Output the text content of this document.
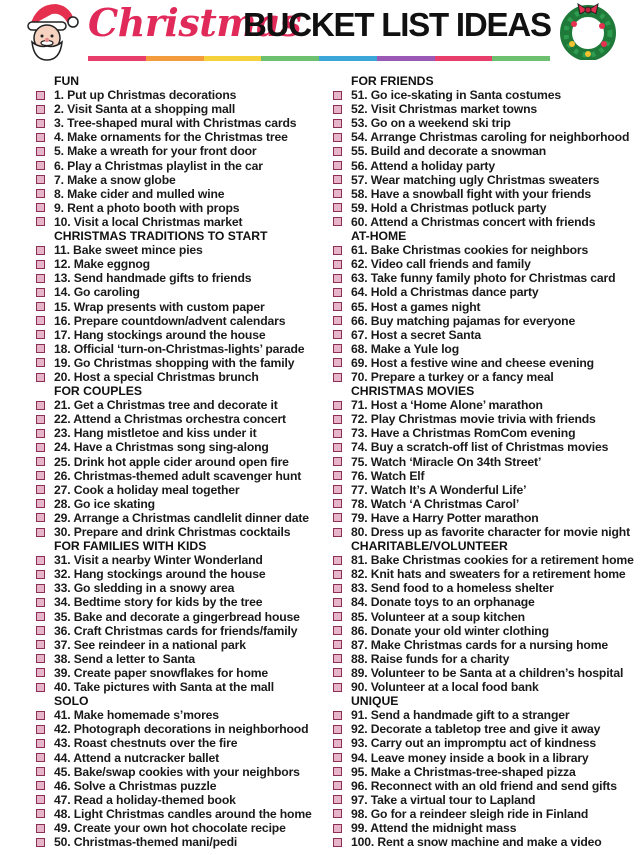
Christmas
BUCKET LIST IDEAS
FUN
1. Put up Christmas decorations
2. Visit Santa at a shopping mall
3. Tree-shaped mural with Christmas cards
4. Make ornaments for the Christmas tree
5. Make a wreath for your front door
6. Play a Christmas playlist in the car
7. Make a snow globe
8. Make cider and mulled wine
9. Rent a photo booth with props
10. Visit a local Christmas market
CHRISTMAS TRADITIONS TO START
11. Bake sweet mince pies
12. Make eggnog
13. Send handmade gifts to friends
14. Go caroling
15. Wrap presents with custom paper
16. Prepare countdown/advent calendars
17. Hang stockings around the house
18. Official ‘turn-on-Christmas-lights’ parade
19. Go Christmas shopping with the family
20. Host a special Christmas brunch
FOR COUPLES
21. Get a Christmas tree and decorate it
22. Attend a Christmas orchestra concert
23. Hang mistletoe and kiss under it
24. Have a Christmas song sing-along
25. Drink hot apple cider around open fire
26. Christmas-themed adult scavenger hunt
27. Cook a holiday meal together
28. Go ice skating
29. Arrange a Christmas candlelit dinner date
30. Prepare and drink Christmas cocktails
FOR FAMILIES WITH KIDS
31. Visit a nearby Winter Wonderland
32. Hang stockings around the house
33. Go sledding in a snowy area
34. Bedtime story for kids by the tree
35. Bake and decorate a gingerbread house
36. Craft Christmas cards for friends/family
37. See reindeer in a national park
38. Send a letter to Santa
39. Create paper snowflakes for home
40. Take pictures with Santa at the mall
SOLO
41. Make homemade s’mores
42. Photograph decorations in neighborhood
43. Roast chestnuts over the fire
44. Attend a nutcracker ballet
45. Bake/swap cookies with your neighbors
46. Solve a Christmas puzzle
47. Read a holiday-themed book
48. Light Christmas candles around the home
49. Create your own hot chocolate recipe
50. Christmas-themed mani/pedi
FOR FRIENDS
51. Go ice-skating in Santa costumes
52. Visit Christmas market towns
53. Go on a weekend ski trip
54. Arrange Christmas caroling for neighborhood
55. Build and decorate a snowman
56. Attend a holiday party
57. Wear matching ugly Christmas sweaters
58. Have a snowball fight with your friends
59. Hold a Christmas potluck party
60. Attend a Christmas concert with friends
AT-HOME
61. Bake Christmas cookies for neighbors
62. Video call friends and family
63. Take funny family photo for Christmas card
64. Hold a Christmas dance party
65. Host a games night
66. Buy matching pajamas for everyone
67. Host a secret Santa
68. Make a Yule log
69. Host a festive wine and cheese evening
70. Prepare a turkey or a fancy meal
CHRISTMAS MOVIES
71. Host a ‘Home Alone’ marathon
72. Play Christmas movie trivia with friends
73. Have a Christmas RomCom evening
74. Buy a scratch-off list of Christmas movies
75. Watch ‘Miracle On 34th Street’
76. Watch Elf
77. Watch It’s A Wonderful Life’
78. Watch ‘A Christmas Carol’
79. Have a Harry Potter marathon
80. Dress up as favorite character for movie night
CHARITABLE/VOLUNTEER
81. Bake Christmas cookies for a retirement home
82. Knit hats and sweaters for a retirement home
83. Send food to a homeless shelter
84. Donate toys to an orphanage
85. Volunteer at a soup kitchen
86. Donate your old winter clothing
87. Make Christmas cards for a nursing home
88. Raise funds for a charity
89. Volunteer to be Santa at a children’s hospital
90. Volunteer at a local food bank
UNIQUE
91. Send a handmade gift to a stranger
92. Decorate a tabletop tree and give it away
93. Carry out an impromptu act of kindness
94. Leave money inside a book in a library
95. Make a Christmas-tree-shaped pizza
96. Reconnect with an old friend and send gifts
97. Take a virtual tour to Lapland
98. Go for a reindeer sleigh ride in Finland
99. Attend the midnight mass
100. Rent a snow machine and make a video
